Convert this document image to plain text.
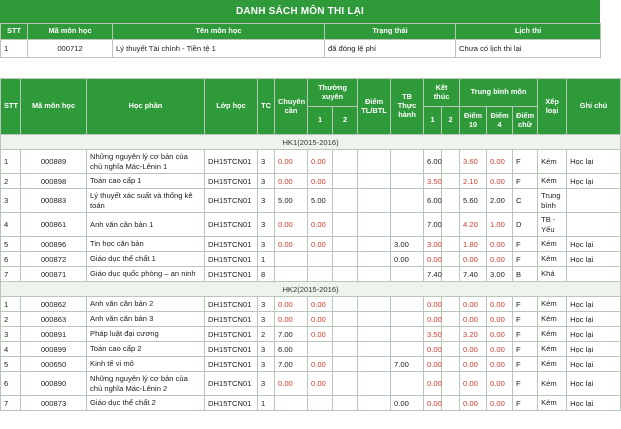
DANH SÁCH MÔN THI LẠI
STT	Mã môn học	Tên môn học	Trạng thái	Lịch thi
1	000712	Lý thuyết Tài chính - Tiền tệ 1	đã đóng lệ phí	Chưa có lịch thi lại
STT	Mã môn học	Học phần	Lớp học	TC	Chuyên cần	Thường xuyên		Điểm TL/BTL	TB Thực hành	Kết thúc		Trung bình môn			Xếp loại	Ghi chú
						1	2			1	2	Điểm 10	Điểm 4	Điểm chữ		
HK1(2015-2016)																
1	000889	Những nguyên lý cơ bản của chủ nghĩa Mác-Lênin 1	DH15TCN01	3	0.00	0.00				6.00		3.60	0.00	F	Kém	Học lại
2	000898	Toán cao cấp 1	DH15TCN01	3	0.00	0.00				3.50		2.10	0.00	F	Kém	Học lại
3	000883	Lý thuyết xác suất và thống kê toán	DH15TCN01	3	5.00	5.00				6.00		5.60	2.00	C	Trung bình	
4	000861	Anh văn căn bản 1	DH15TCN01	3	0.00	0.00				7.00		4.20	1.00	D	TB - Yếu	
5	000896	Tin học căn bản	DH15TCN01	3	0.00	0.00			3.00	3.00		1.80	0.00	F	Kém	Học lại
6	000872	Giáo dục thể chất 1	DH15TCN01	1					0.00	0.00		0.00	0.00	F	Kém	Học lại
7	000871	Giáo dục quốc phòng – an ninh	DH15TCN01	8						7.40		7.40	3.00	B	Khá	
HK2(2015-2016)																
1	000862	Anh văn căn bản 2	DH15TCN01	3	0.00	0.00				0.00		0.00	0.00	F	Kém	Học lại
2	000863	Anh văn căn bản 3	DH15TCN01	3	0.00	0.00				0.00		0.00	0.00	F	Kém	Học lại
3	000891	Pháp luật đại cương	DH15TCN01	2	7.00	0.00				3.50		3.20	0.00	F	Kém	Học lại
4	000899	Toán cao cấp 2	DH15TCN01	3	6.00					0.00		0.00	0.00	F	Kém	Học lại
5	000650	Kinh tế vi mô	DH15TCN01	3	7.00	0.00			7.00	0.00		0.00	0.00	F	Kém	Học lại
6	000890	Những nguyên lý cơ bản của chủ nghĩa Mác-Lênin 2	DH15TCN01	3	0.00	0.00				0.00		0.00	0.00	F	Kém	Học lại
7	000873	Giáo dục thể chất 2	DH15TCN01	1					0.00	0.00		0.00	0.00	F	Kém	Học lại
